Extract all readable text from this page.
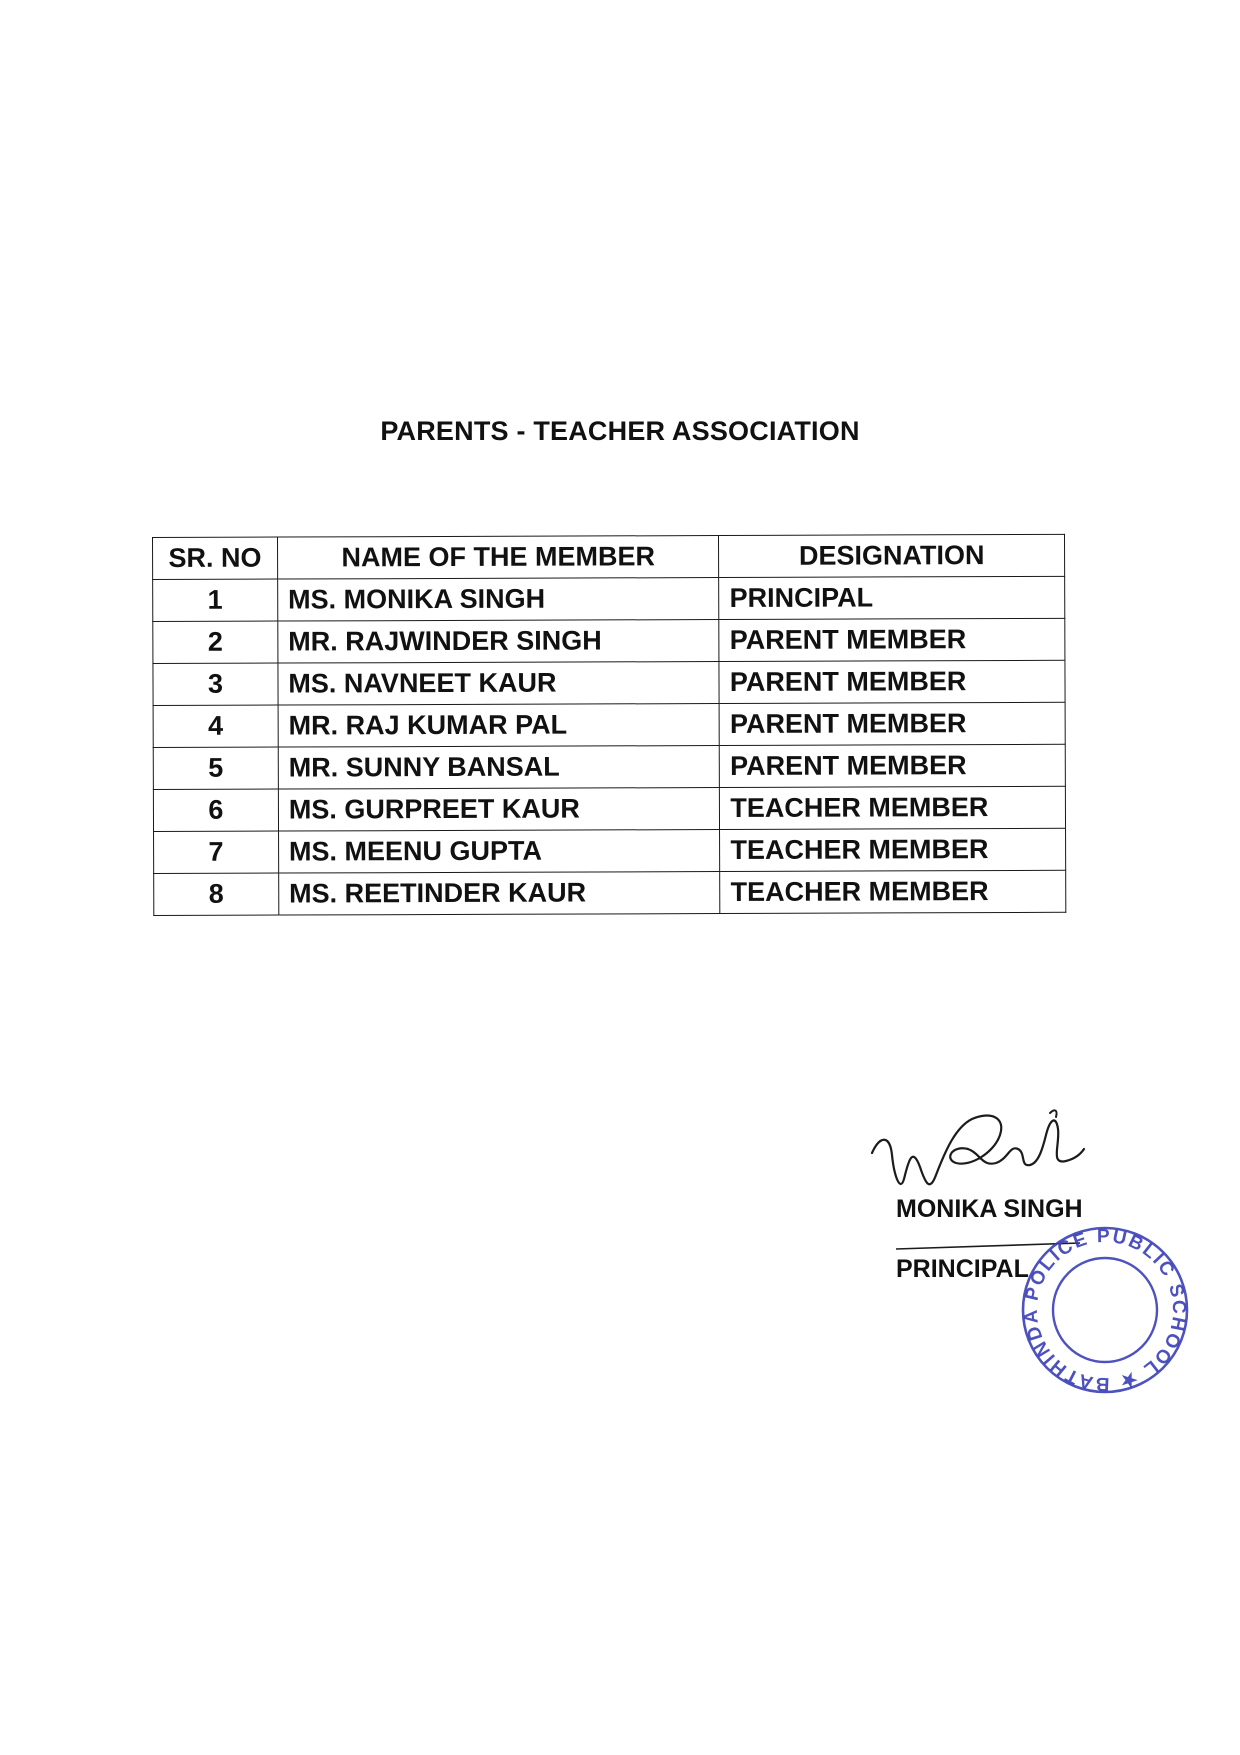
PARENTS - TEACHER ASSOCIATION
SR. NO	NAME OF THE MEMBER	DESIGNATION
1	MS. MONIKA SINGH	PRINCIPAL
2	MR. RAJWINDER SINGH	PARENT MEMBER
3	MS. NAVNEET KAUR	PARENT MEMBER
4	MR. RAJ KUMAR PAL	PARENT MEMBER
5	MR. SUNNY BANSAL	PARENT MEMBER
6	MS. GURPREET KAUR	TEACHER MEMBER
7	MS. MEENU GUPTA	TEACHER MEMBER
8	MS. REETINDER KAUR	TEACHER MEMBER
MONIKA SINGH
PRINCIPAL
POLICE PUBLIC SCHOOL ★ BATHINDA
